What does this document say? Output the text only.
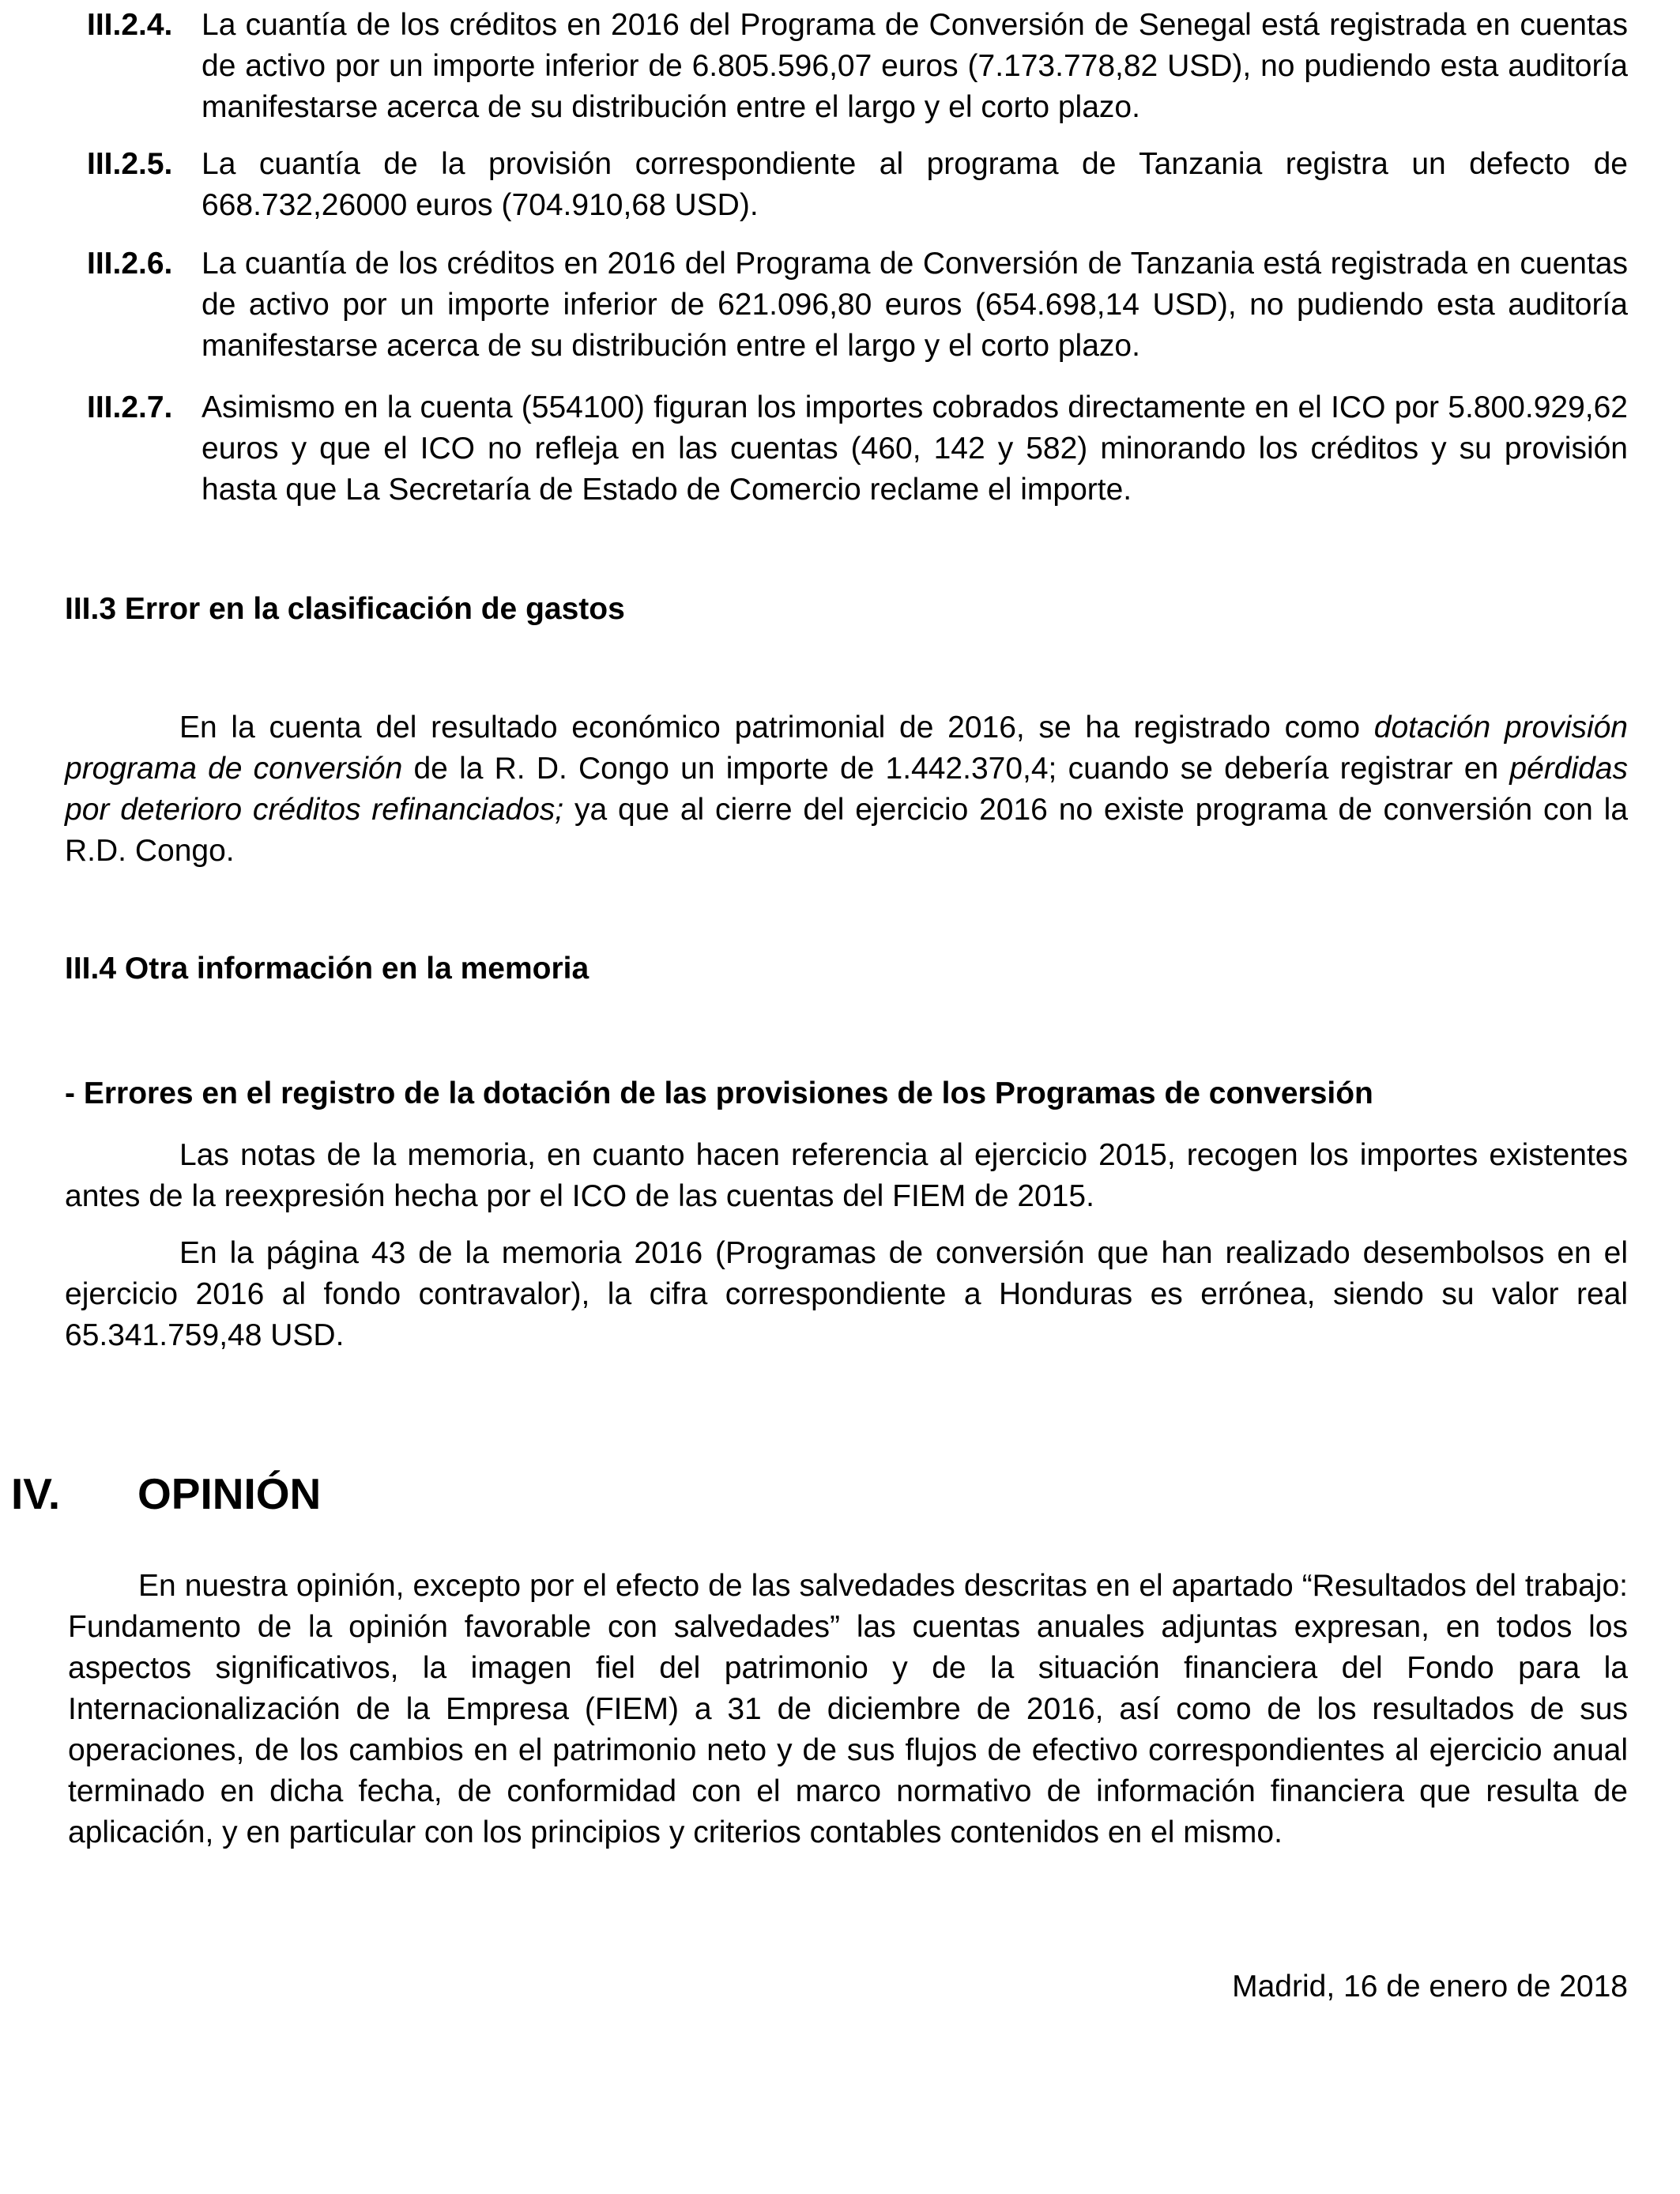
III.2.4. La cuantía de los créditos en 2016 del Programa de Conversión de Senegal está registrada en cuentas de activo por un importe inferior de 6.805.596,07 euros (7.173.778,82 USD), no pudiendo esta auditoría manifestarse acerca de su distribución entre el largo y el corto plazo.
III.2.5. La cuantía de la provisión correspondiente al programa de Tanzania registra un defecto de 668.732,26000 euros (704.910,68 USD).
III.2.6. La cuantía de los créditos en 2016 del Programa de Conversión de Tanzania está registrada en cuentas de activo por un importe inferior de 621.096,80 euros (654.698,14 USD), no pudiendo esta auditoría manifestarse acerca de su distribución entre el largo y el corto plazo.
III.2.7. Asimismo en la cuenta (554100) figuran los importes cobrados directamente en el ICO por 5.800.929,62 euros y que el ICO no refleja en las cuentas (460, 142 y 582) minorando los créditos y su provisión hasta que La Secretaría de Estado de Comercio reclame el importe.
III.3 Error en la clasificación de gastos
En la cuenta del resultado económico patrimonial de 2016, se ha registrado como dotación provisión programa de conversión de la R. D. Congo un importe de 1.442.370,4; cuando se debería registrar en pérdidas por deterioro créditos refinanciados; ya que al cierre del ejercicio 2016 no existe programa de conversión con la R.D. Congo.
III.4 Otra información en la memoria
- Errores en el registro de la dotación de las provisiones de los Programas de conversión
Las notas de la memoria, en cuanto hacen referencia al ejercicio 2015, recogen los importes existentes antes de la reexpresión hecha por el ICO de las cuentas del FIEM de 2015.
En la página 43 de la memoria 2016 (Programas de conversión que han realizado desembolsos en el ejercicio 2016 al fondo contravalor), la cifra correspondiente a Honduras es errónea, siendo su valor real 65.341.759,48 USD.
IV. OPINIÓN
En nuestra opinión, excepto por el efecto de las salvedades descritas en el apartado “Resultados del trabajo: Fundamento de la opinión favorable con salvedades” las cuentas anuales adjuntas expresan, en todos los aspectos significativos, la imagen fiel del patrimonio y de la situación financiera del Fondo para la Internacionalización de la Empresa (FIEM) a 31 de diciembre de 2016, así como de los resultados de sus operaciones, de los cambios en el patrimonio neto y de sus flujos de efectivo correspondientes al ejercicio anual terminado en dicha fecha, de conformidad con el marco normativo de información financiera que resulta de aplicación, y en particular con los principios y criterios contables contenidos en el mismo.
Madrid, 16 de enero de 2018
